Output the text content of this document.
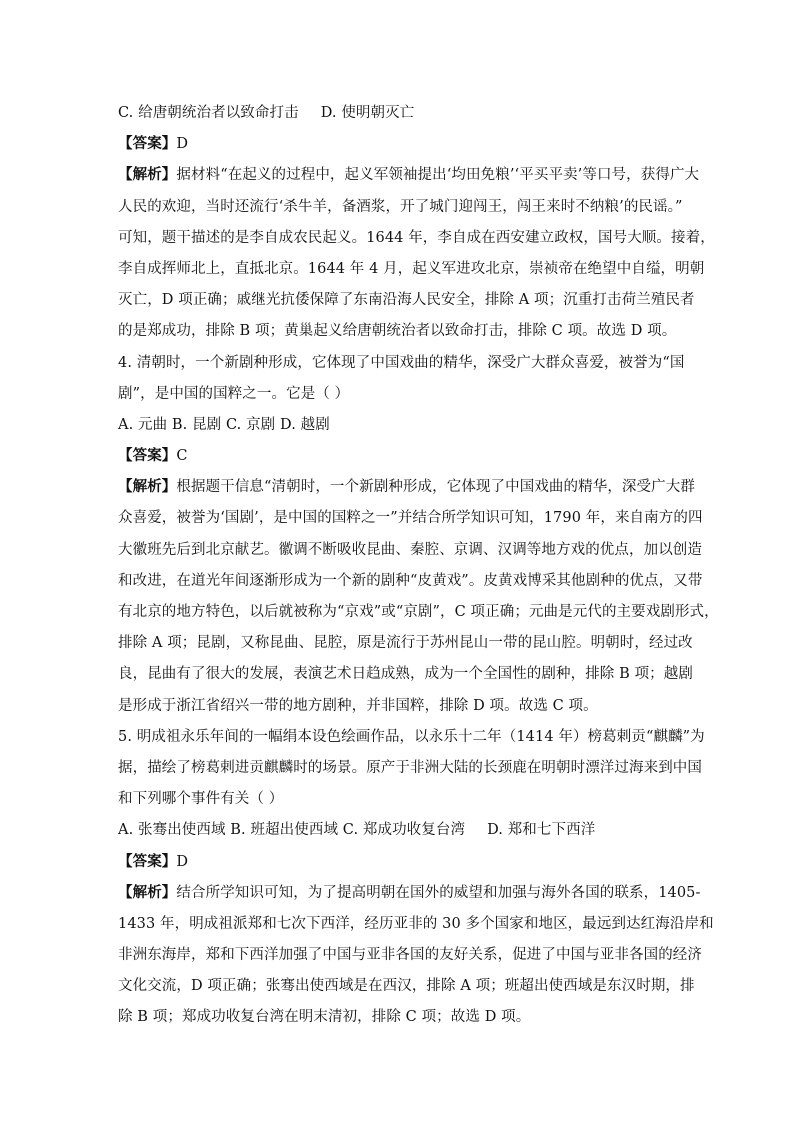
C. 给唐朝统治者以致命打击 D. 使明朝灭亡
【答案】D
【解析】据材料“在起义的过程中，起义军领袖提出‘均田免粮’‘平买平卖’等口号，获得广大
人民的欢迎，当时还流行‘杀牛羊，备酒浆，开了城门迎闯王，闯王来时不纳粮’的民谣。”
可知，题干描述的是李自成农民起义。1644 年，李自成在西安建立政权，国号大顺。接着，
李自成挥师北上，直抵北京。1644 年 4 月，起义军进攻北京，崇祯帝在绝望中自缢，明朝
灭亡，D 项正确；戚继光抗倭保障了东南沿海人民安全，排除 A 项；沉重打击荷兰殖民者
的是郑成功，排除 B 项；黄巢起义给唐朝统治者以致命打击，排除 C 项。故选 D 项。
4. 清朝时，一个新剧种形成，它体现了中国戏曲的精华，深受广大群众喜爱，被誉为“国
剧”，是中国的国粹之一。它是（ ）
A. 元曲 B. 昆剧 C. 京剧 D. 越剧
【答案】C
【解析】根据题干信息“清朝时，一个新剧种形成，它体现了中国戏曲的精华，深受广大群
众喜爱，被誉为‘国剧’，是中国的国粹之一”并结合所学知识可知，1790 年，来自南方的四
大徽班先后到北京献艺。徽调不断吸收昆曲、秦腔、京调、汉调等地方戏的优点，加以创造
和改进，在道光年间逐渐形成为一个新的剧种“皮黄戏”。皮黄戏博采其他剧种的优点，又带
有北京的地方特色，以后就被称为“京戏”或“京剧”，C 项正确；元曲是元代的主要戏剧形式，
排除 A 项；昆剧，又称昆曲、昆腔，原是流行于苏州昆山一带的昆山腔。明朝时，经过改
良，昆曲有了很大的发展，表演艺术日趋成熟，成为一个全国性的剧种，排除 B 项；越剧
是形成于浙江省绍兴一带的地方剧种，并非国粹，排除 D 项。故选 C 项。
5. 明成祖永乐年间的一幅绢本设色绘画作品，以永乐十二年（1414 年）榜葛剌贡“麒麟”为
据，描绘了榜葛剌进贡麒麟时的场景。原产于非洲大陆的长颈鹿在明朝时漂洋过海来到中国
和下列哪个事件有关（ ）
A. 张骞出使西域 B. 班超出使西域 C. 郑成功收复台湾 D. 郑和七下西洋
【答案】D
【解析】结合所学知识可知，为了提高明朝在国外的威望和加强与海外各国的联系，1405-
1433 年，明成祖派郑和七次下西洋，经历亚非的 30 多个国家和地区，最远到达红海沿岸和
非洲东海岸，郑和下西洋加强了中国与亚非各国的友好关系，促进了中国与亚非各国的经济
文化交流，D 项正确；张骞出使西域是在西汉，排除 A 项；班超出使西域是东汉时期，排
除 B 项；郑成功收复台湾在明末清初，排除 C 项；故选 D 项。
